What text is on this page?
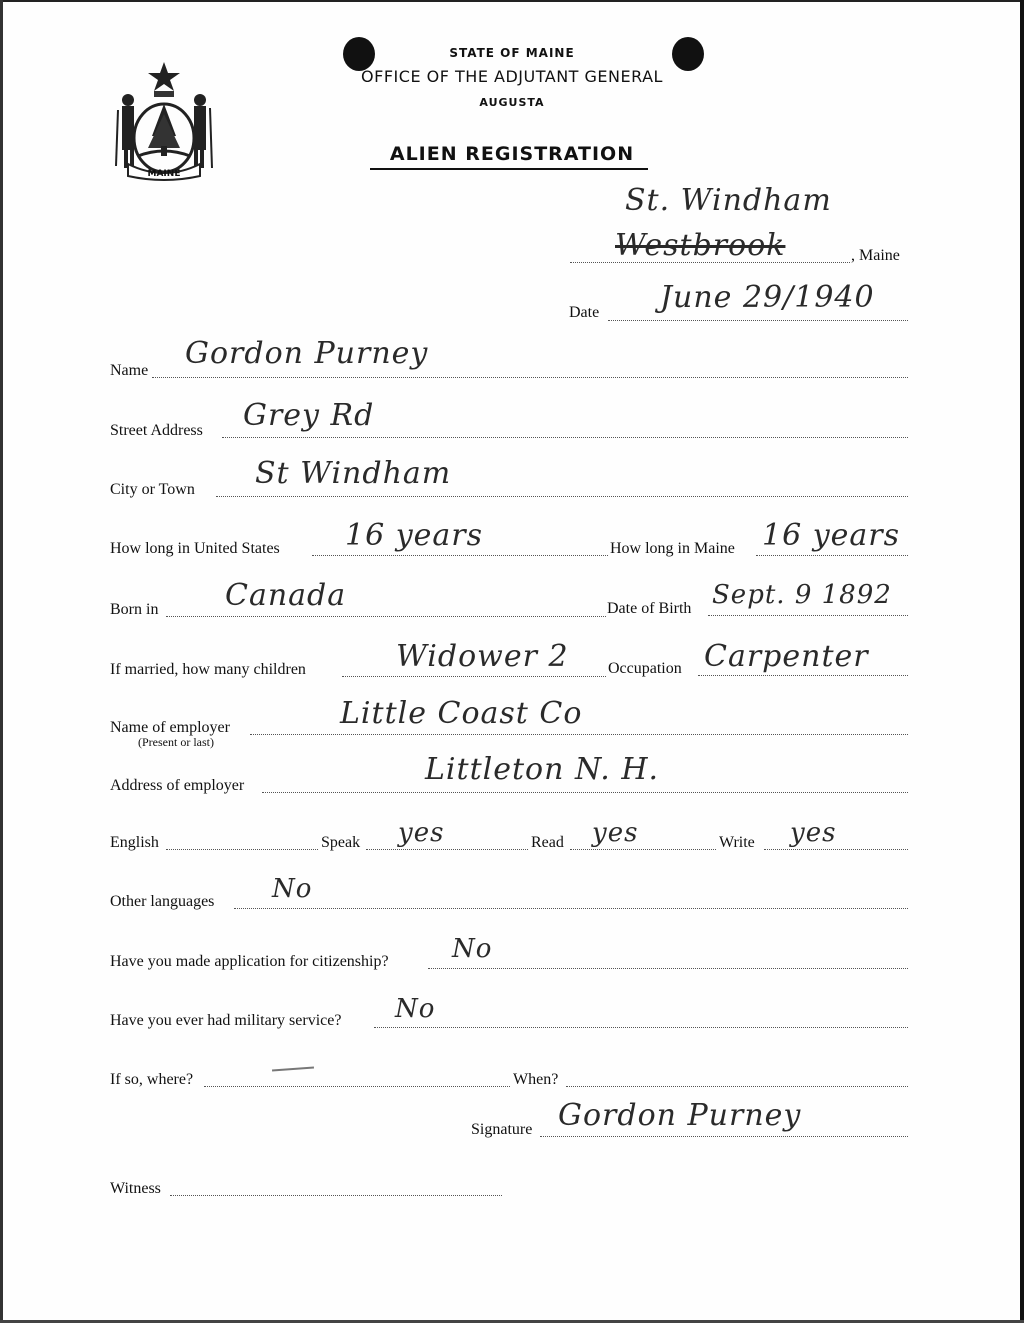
MAINE
STATE OF MAINE
OFFICE OF THE ADJUTANT GENERAL
AUGUSTA
ALIEN REGISTRATION
St. Windham
Westbrook	, Maine
Date June 29/1940
Name Gordon Purney
Street Address Grey Rd
City or Town St Windham
How long in United States 16 years	How long in Maine 16 years
Born in Canada	Date of Birth Sept. 9 1892
If married, how many children	Widower 2 Occupation Carpenter
Name of employer
(Present or last)
Little Coast Co
Address of employer	Littleton N. H.
English	Speak yes	Read yes	Write yes
Other languages No
Have you made application for citizenship? No
Have you ever had military service? No
If so, where?	When?
Signature Gordon Purney
Witness
